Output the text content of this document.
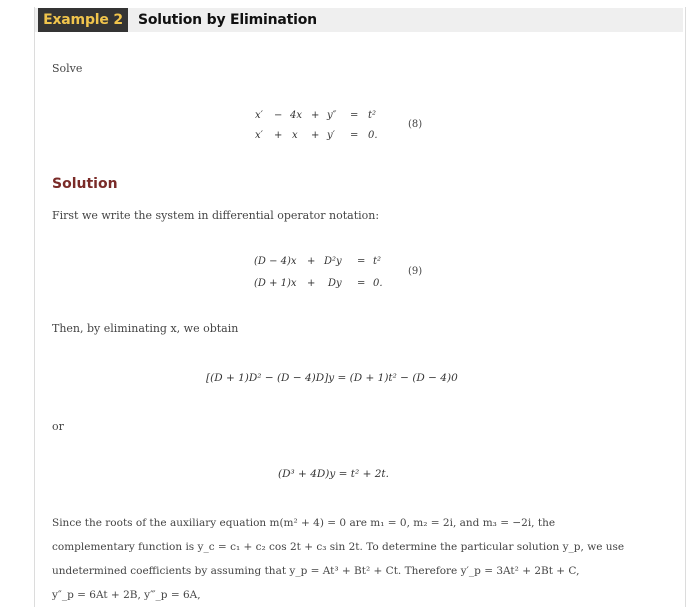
Example 2	Solution by Elimination
Solve
x′ − 4x + y″ = t²
x′ + x + y′ = 0.
(8)
Solution
First we write the system in differential operator notation:
(D − 4)x + D²y = t²
(D + 1)x + Dy = 0.
(9)
Then, by eliminating x, we obtain
[(D + 1)D² − (D − 4)D]y = (D + 1)t² − (D − 4)0
or
(D³ + 4D)y = t² + 2t.
Since the roots of the auxiliary equation m(m² + 4) = 0 are m₁ = 0, m₂ = 2i, and m₃ = −2i, the
complementary function is y_c = c₁ + c₂ cos 2t + c₃ sin 2t. To determine the particular solution y_p, we use
undetermined coefficients by assuming that y_p = At³ + Bt² + Ct. Therefore y′_p = 3At² + 2Bt + C,
y″_p = 6At + 2B, y‴_p = 6A,
